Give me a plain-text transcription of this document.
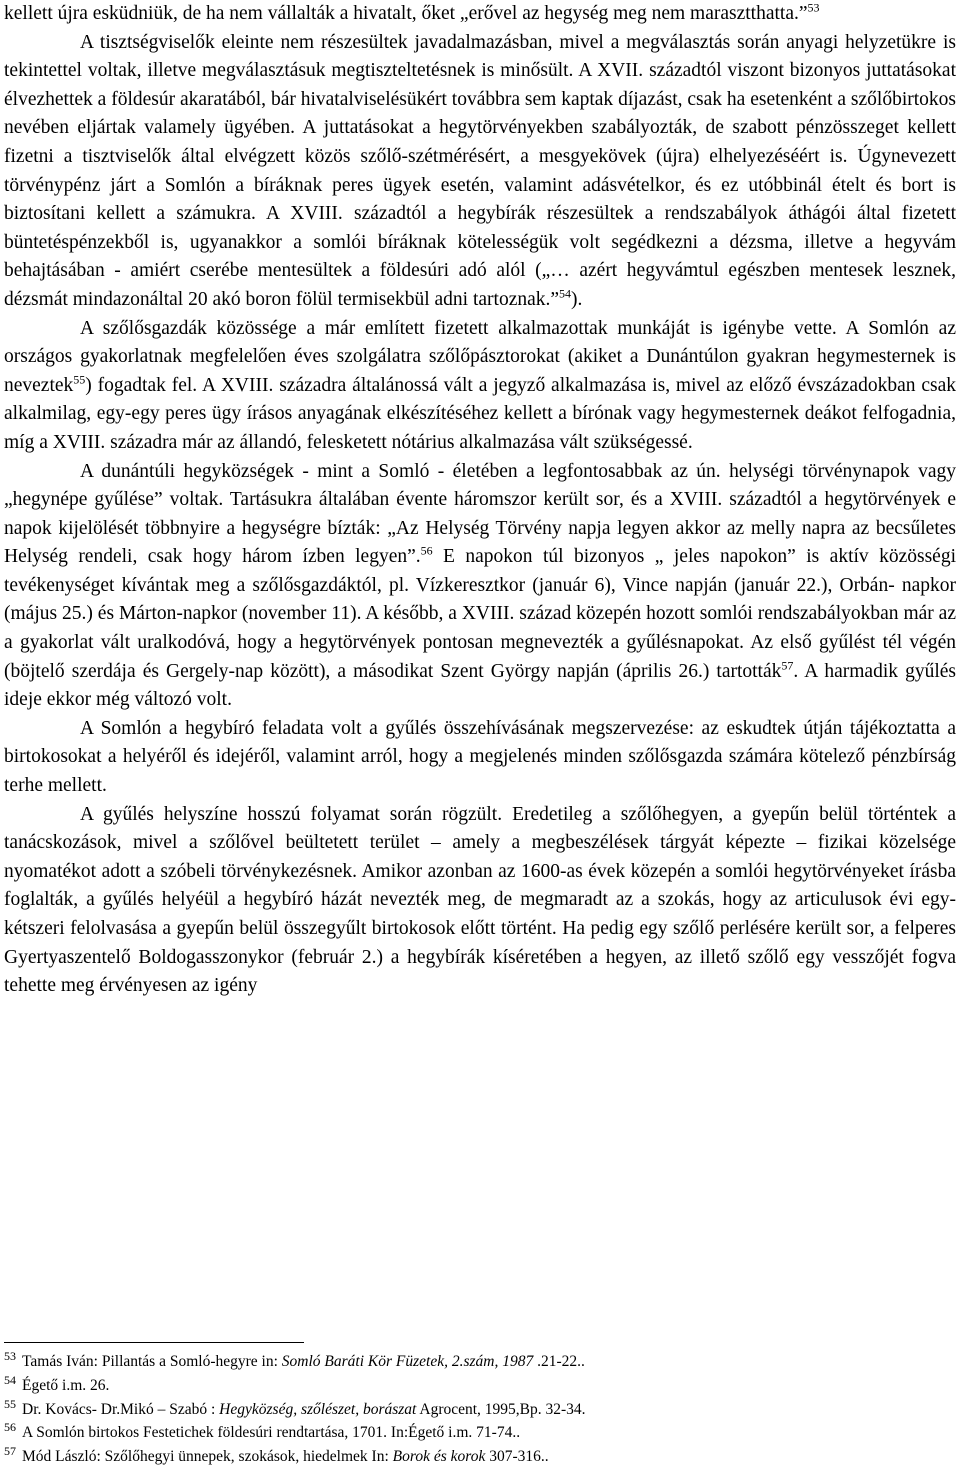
kellett újra esküdniük, de ha nem vállalták a hivatalt, őket „erővel az hegység meg nem marasztthatta.”$^{53}$

A tisztségviselők eleinte nem részesültek javadalmazásban, mivel a megválasztás során anyagi helyzetükre is tekintettel voltak, illetve megválasztásuk megtiszteltetésnek is minősült. A XVII. századtól viszont bizonyos juttatásokat élvezhettek a földesúr akaratából, bár hivatalviselésükért továbbra sem kaptak díjazást, csak ha esetenként a szőlőbirtokos nevében eljártak valamely ügyében. A juttatásokat a hegytörvényekben szabályozták, de szabott pénzösszeget kellett fizetni a tisztviselők által elvégzett közös szőlő-szétmérésért, a mesgyekövek (újra) elhelyezéséért is. Úgynevezett törvénypénz járt a Somlón a bíráknak peres ügyek esetén, valamint adásvételkor, és ez utóbbinál ételt és bort is biztosítani kellett a számukra. A XVIII. századtól a hegybírák részesültek a rendszabályok áthágói által fizetett büntetéspénzekből is, ugyanakkor a somlói bíráknak kötelességük volt segédkezni a dézsma, illetve a hegyvám behajtásában - amiért cserébe mentesültek a földesúri adó alól („… azért hegyvámtul egészben mentesek lesznek, dézsmát mindazonáltal 20 akó boron fölül termisekbül adni tartoznak.”$^{54}$).

A szőlősgazdák közössége a már említett fizetett alkalmazottak munkáját is igénybe vette. A Somlón az országos gyakorlatnak megfelelően éves szolgálatra szőlőpásztorokat (akiket a Dunántúlon gyakran hegymesternek is neveztek$^{55}$) fogadtak fel. A XVIII. századra általánossá vált a jegyző alkalmazása is, mivel az előző évszázadokban csak alkalmilag, egy-egy peres ügy írásos anyagának elkészítéséhez kellett a bírónak vagy hegymesternek deákot felfogadnia, míg a XVIII. századra már az állandó, felesketett nótárius alkalmazása vált szükségessé.

A dunántúli hegyközségek - mint a Somló - életében a legfontosabbak az ún. helységi törvénynapok vagy „hegynépe gyűlése” voltak. Tartásukra általában évente háromszor került sor, és a XVIII. századtól a hegytörvények e napok kijelölését többnyire a hegységre bízták: „Az Helység Törvény napja legyen akkor az melly napra az becsűletes Helység rendeli, csak hogy három ízben legyen”.$^{56}$ E napokon túl bizonyos „ jeles napokon” is aktív közösségi tevékenységet kívántak meg a szőlősgazdáktól, pl. Vízkeresztkor (január 6), Vince napján (január 22.), Orbán- napkor (május 25.) és Márton-napkor (november 11). A később, a XVIII. század közepén hozott somlói rendszabályokban már az a gyakorlat vált uralkodóvá, hogy a hegytörvények pontosan megnevezték a gyűlésnapokat. Az első gyűlést tél végén (böjtelő szerdája és Gergely-nap között), a másodikat Szent György napján (április 26.) tartották$^{57}$. A harmadik gyűlés ideje ekkor még változó volt.

A Somlón a hegybíró feladata volt a gyűlés összehívásának megszervezése: az eskudtek útján tájékoztatta a birtokosokat a helyéről és idejéről, valamint arról, hogy a megjelenés minden szőlősgazda számára kötelező pénzbírság terhe mellett.

A gyűlés helyszíne hosszú folyamat során rögzült. Eredetileg a szőlőhegyen, a gyepűn belül történtek a tanácskozások, mivel a szőlővel beültetett terület – amely a megbeszélések tárgyát képezte – fizikai közelsége nyomatékot adott a szóbeli törvénykezésnek. Amikor azonban az 1600-as évek közepén a somlói hegytörvényeket írásba foglalták, a gyűlés helyéül a hegybíró házát nevezték meg, de megmaradt az a szokás, hogy az articulusok évi egy-kétszeri felolvasása a gyepűn belül összegyűlt birtokosok előtt történt. Ha pedig egy szőlő perlésére került sor, a felperes Gyertyaszentelő Boldogasszonykor (február 2.) a hegybírák kíséretében a hegyen, az illető szőlő egy vesszőjét fogva tehette meg érvényesen az igény

$^{53}$ Tamás Iván: Pillantás a Somló-hegyre in: Somló Baráti Kör Füzetek, 2.szám, 1987 .21-22..
$^{54}$ Égető i.m. 26.
$^{55}$ Dr. Kovács- Dr.Mikó – Szabó : Hegyközség, szőlészet, borászat Agrocent, 1995,Bp. 32-34.
$^{56}$ A Somlón birtokos Festetichek földesúri rendtartása, 1701. In:Égető i.m. 71-74..
$^{57}$ Mód László: Szőlőhegyi ünnepek, szokások, hiedelmek In: Borok és korok 307-316..
